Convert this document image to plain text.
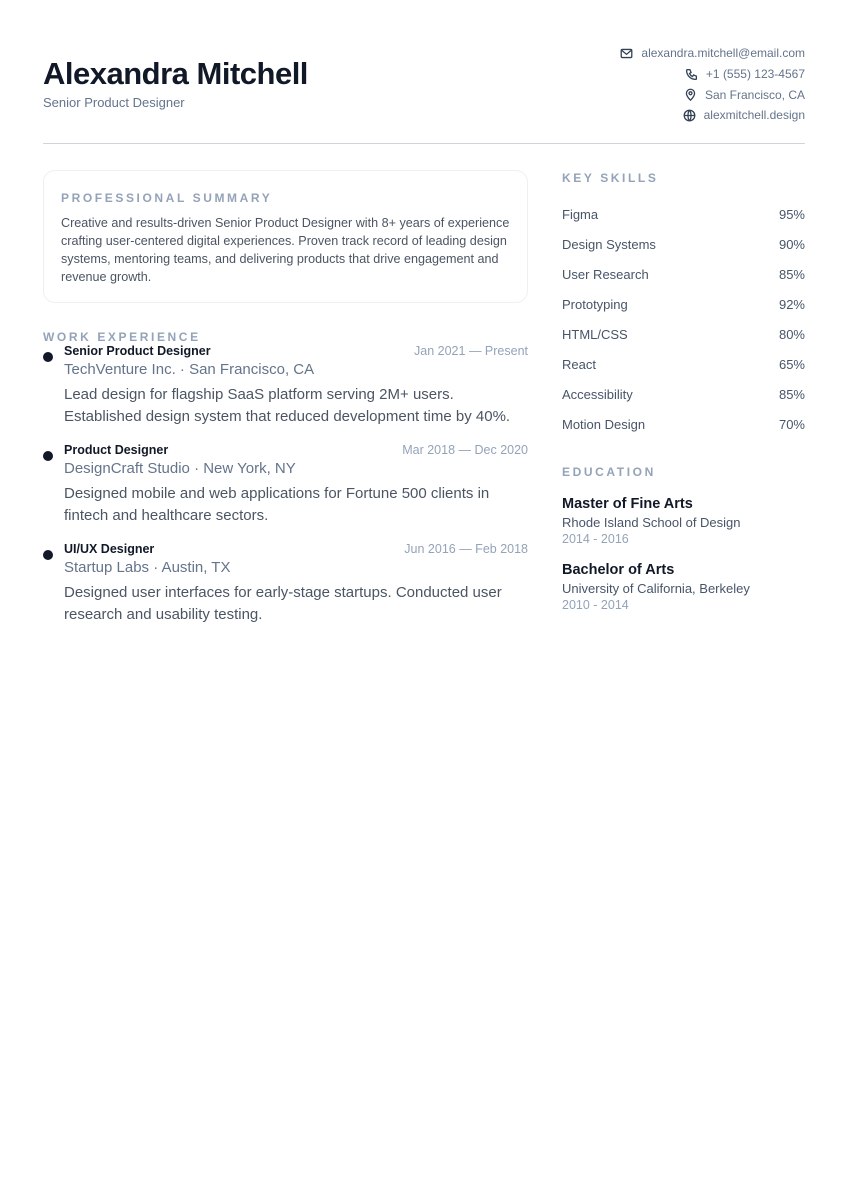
Alexandra Mitchell
Senior Product Designer
alexandra.mitchell@email.com
+1 (555) 123-4567
San Francisco, CA
alexmitchell.design
PROFESSIONAL SUMMARY
Creative and results-driven Senior Product Designer with 8+ years of experience crafting user-centered digital experiences. Proven track record of leading design systems, mentoring teams, and delivering products that drive engagement and revenue growth.
WORK EXPERIENCE
Senior Product Designer	Jan 2021 — Present
TechVenture Inc. · San Francisco, CA
Lead design for flagship SaaS platform serving 2M+ users. Established design system that reduced development time by 40%.
Product Designer	Mar 2018 — Dec 2020
DesignCraft Studio · New York, NY
Designed mobile and web applications for Fortune 500 clients in fintech and healthcare sectors.
UI/UX Designer	Jun 2016 — Feb 2018
Startup Labs · Austin, TX
Designed user interfaces for early-stage startups. Conducted user research and usability testing.
KEY SKILLS
Figma	95%
Design Systems	90%
User Research	85%
Prototyping	92%
HTML/CSS	80%
React	65%
Accessibility	85%
Motion Design	70%
EDUCATION
Master of Fine Arts
Rhode Island School of Design
2014 - 2016
Bachelor of Arts
University of California, Berkeley
2010 - 2014
